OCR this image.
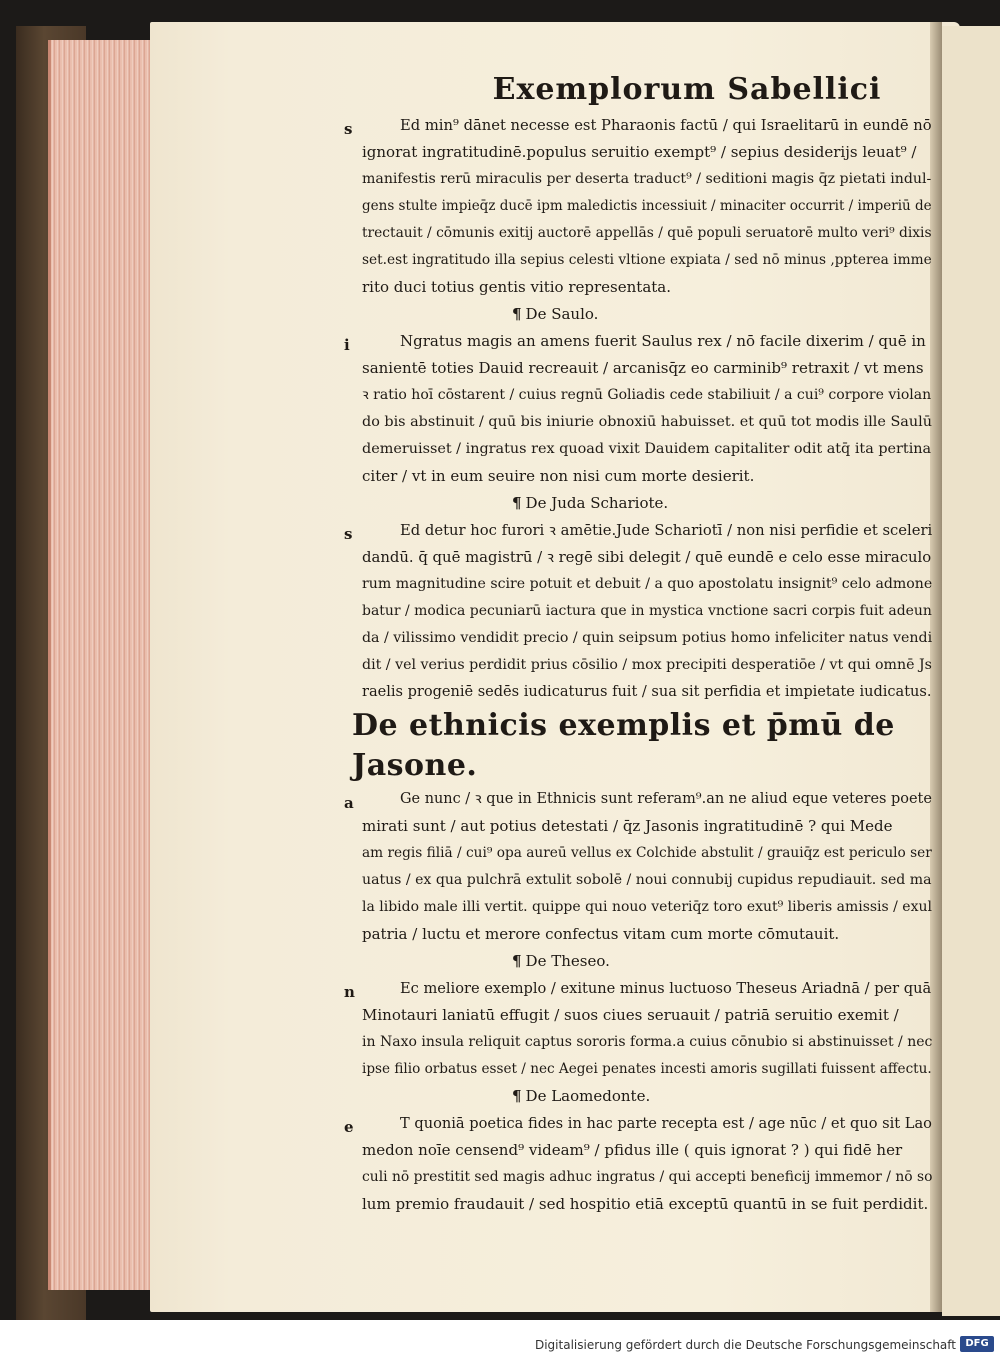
Exemplorum Sabellici
s	Ed min⁹ dānet necesse est Pharaonis factū / qui Israelitarū in eundē nō
ignorat ingratitudinē.populus seruitio exempt⁹ / sepius desiderijs leuat⁹ /
manifestis rerū miraculis per deserta traduct⁹ / seditioni magis q̄z pietati indul-
gens stulte impieq̄z ducē ipm maledictis incessiuit / minaciter occurrit / imperiū de
trectauit / cōmunis exitij auctorē appellās / quē populi seruatorē multo veri⁹ dixis
set.est ingratitudo illa sepius celesti vltione expiata / sed nō minus ,ppterea imme
rito duci totius gentis vitio representata.
¶ De Saulo.
i	Ngratus magis an amens fuerit Saulus rex / nō facile dixerim / quē in
sanientē toties Dauid recreauit / arcanisq̄z eo carminib⁹ retraxit / vt mens
ꝛ ratio hoī cōstarent / cuius regnū Goliadis cede stabiliuit / a cui⁹ corpore violan
do bis abstinuit / quū bis iniurie obnoxiū habuisset. et quū tot modis ille Saulū
demeruisset / ingratus rex quoad vixit Dauidem capitaliter odit atq̄ ita pertina
citer / vt in eum seuire non nisi cum morte desierit.
¶ De Juda Schariote.
s	Ed detur hoc furori ꝛ amētie.Jude Schariotī / non nisi perfidie et sceleri
dandū. q̄ quē magistrū / ꝛ regē sibi delegit / quē eundē e celo esse miraculo
rum magnitudine scire potuit et debuit / a quo apostolatu insignit⁹ celo admone
batur / modica pecuniarū iactura que in mystica vnctione sacri corpis fuit adeun
da / vilissimo vendidit precio / quin seipsum potius homo infeliciter natus vendi
dit / vel verius perdidit prius cōsilio / mox precipiti desperatiōe / vt qui omnē Js
raelis progeniē sedēs iudicaturus fuit / sua sit perfidia et impietate iudicatus.
De ethnicis exemplis et p̄mū de Jasone.
a	Ge nunc / ꝛ que in Ethnicis sunt referam⁹.an ne aliud eque veteres poete
mirati sunt / aut potius detestati / q̄z Jasonis ingratitudinē ? qui Mede
am regis filiā / cui⁹ opa aureū vellus ex Colchide abstulit / grauiq̄z est periculo ser
uatus / ex qua pulchrā extulit sobolē / noui connubij cupidus repudiauit. sed ma
la libido male illi vertit. quippe qui nouo veteriq̄z toro exut⁹ liberis amissis / exul
patria / luctu et merore confectus vitam cum morte cōmutauit.
¶ De Theseo.
n	Ec meliore exemplo / exitune minus luctuoso Theseus Ariadnā / per quā
Minotauri laniatū effugit / suos ciues seruauit / patriā seruitio exemit /
in Naxo insula reliquit captus sororis forma.a cuius cōnubio si abstinuisset / nec
ipse filio orbatus esset / nec Aegei penates incesti amoris sugillati fuissent affectu.
¶ De Laomedonte.
e	T quoniā poetica fides in hac parte recepta est / age nūc / et quo sit Lao
medon noīe censend⁹ videam⁹ / pfidus ille ( quis ignorat ? ) qui fidē her
culi nō prestitit sed magis adhuc ingratus / qui accepti beneficij immemor / nō so
lum premio fraudauit / sed hospitio etiā exceptū quantū in se fuit perdidit.
Digitalisierung gefördert durch die Deutsche Forschungsgemeinschaft DFG
